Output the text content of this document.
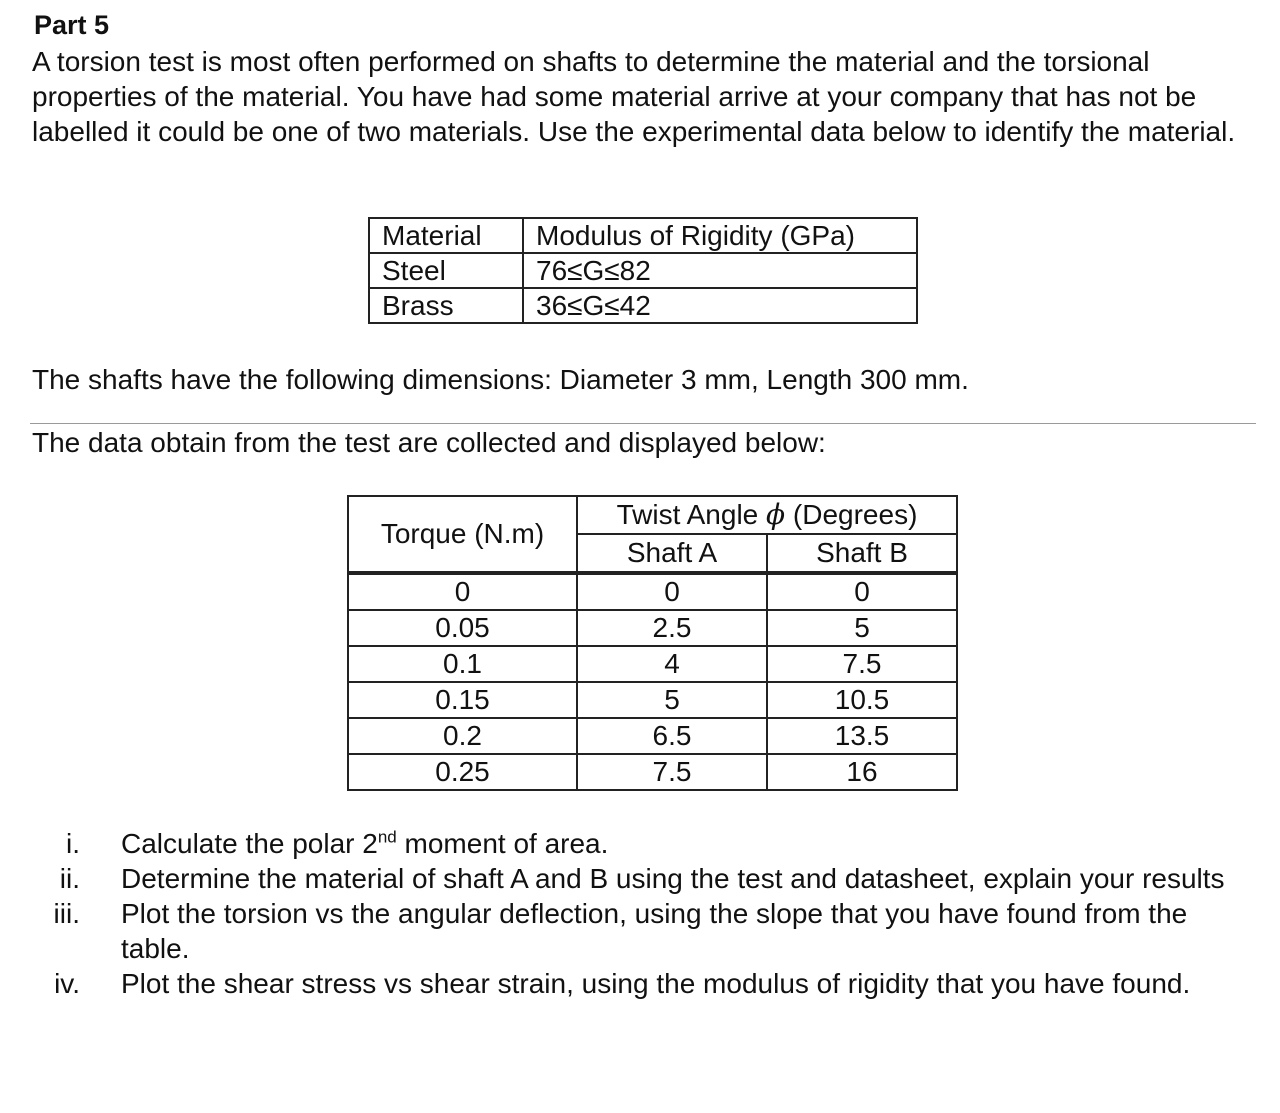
Part 5
A torsion test is most often performed on shafts to determine the material and the torsional properties of the material. You have had some material arrive at your company that has not be labelled it could be one of two materials. Use the experimental data below to identify the material.
Material	Modulus of Rigidity (GPa)
Steel	76≤G≤82
Brass	36≤G≤42
The shafts have the following dimensions: Diameter 3 mm, Length 300 mm.
The data obtain from the test are collected and displayed below:
Torque (N.m)	Twist Angle ϕ (Degrees)	
	Shaft A	Shaft B
0	0	0
0.05	2.5	5
0.1	4	7.5
0.15	5	10.5
0.2	6.5	13.5
0.25	7.5	16
i. Calculate the polar 2nd moment of area.
ii. Determine the material of shaft A and B using the test and datasheet, explain your results
iii. Plot the torsion vs the angular deflection, using the slope that you have found from the table.
iv. Plot the shear stress vs shear strain, using the modulus of rigidity that you have found.
